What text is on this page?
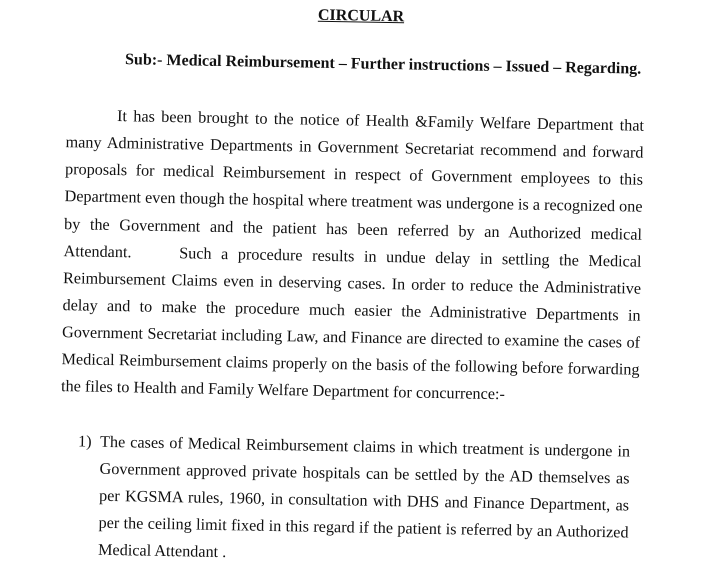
CIRCULAR
Sub:- Medical Reimbursement – Further instructions – Issued – Regarding.
It has been brought to the notice of Health &Family Welfare Department that
many Administrative Departments in Government Secretariat recommend and forward
proposals for medical Reimbursement in respect of Government employees to this
Department even though the hospital where treatment was undergone is a recognized one
by the Government and the patient has been referred by an Authorized medical
Attendant.     Such a procedure results in undue delay in settling the Medical
Reimbursement Claims even in deserving cases. In order to reduce the Administrative
delay and to make the procedure much easier the Administrative Departments in
Government Secretariat including Law, and Finance are directed to examine the cases of
Medical Reimbursement claims properly on the basis of the following before forwarding
the files to Health and Family Welfare Department for concurrence:-
1) The cases of Medical Reimbursement claims in which treatment is undergone in
Government approved private hospitals can be settled by the AD themselves as
per KGSMA rules, 1960, in consultation with DHS and Finance Department, as
per the ceiling limit fixed in this regard if the patient is referred by an Authorized
Medical Attendant .
